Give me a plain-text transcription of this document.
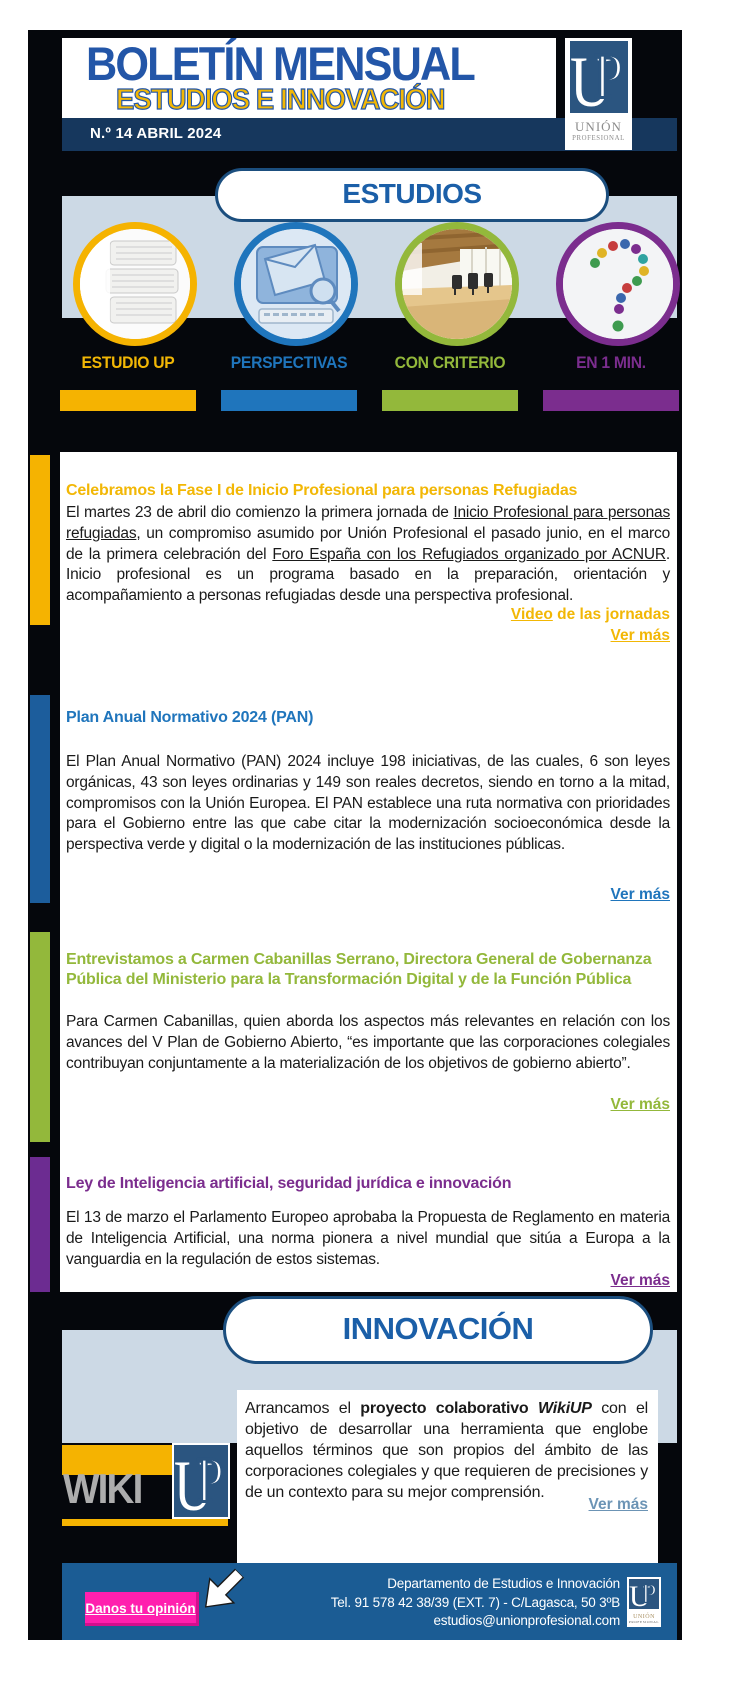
BOLETÍN MENSUAL
ESTUDIOS E INNOVACIÓN
N.º 14 ABRIL 2024	UNIÓN
PROFESIONAL
ESTUDIOS
ESTUDIO UP	PERSPECTIVAS	CON CRITERIO	EN 1 MIN.
Celebramos la Fase I de Inicio Profesional para personas Refugiadas
El martes 23 de abril dio comienzo la primera jornada de Inicio Profesional para personas refugiadas, un compromiso asumido por Unión Profesional el pasado junio, en el marco de la primera celebración del Foro España con los Refugiados organizado por ACNUR. Inicio profesional es un programa basado en la preparación, orientación y acompañamiento a personas refugiadas desde una perspectiva profesional.
Video de las jornadas
Ver más
Plan Anual Normativo 2024 (PAN)
El Plan Anual Normativo (PAN) 2024 incluye 198 iniciativas, de las cuales, 6 son leyes orgánicas, 43 son leyes ordinarias y 149 son reales decretos, siendo en torno a la mitad, compromisos con la Unión Europea. El PAN establece una ruta normativa con prioridades para el Gobierno entre las que cabe citar la modernización socioeconómica desde la perspectiva verde y digital o la modernización de las instituciones públicas.
Ver más
Entrevistamos a Carmen Cabanillas Serrano, Directora General de Gobernanza Pública del Ministerio para la Transformación Digital y de la Función Pública
Para Carmen Cabanillas, quien aborda los aspectos más relevantes en relación con los avances del V Plan de Gobierno Abierto, “es importante que las corporaciones colegiales contribuyan conjuntamente a la materialización de los objetivos de gobierno abierto”.
Ver más
Ley de Inteligencia artificial, seguridad jurídica e innovación
El 13 de marzo el Parlamento Europeo aprobaba la Propuesta de Reglamento en materia de Inteligencia Artificial, una norma pionera a nivel mundial que sitúa a Europa a la vanguardia en la regulación de estos sistemas.
Ver más
INNOVACIÓN
Arrancamos el proyecto colaborativo WikiUP con el objetivo de desarrollar una herramienta que englobe aquellos términos que son propios del ámbito de las corporaciones colegiales y que requieren de precisiones y de un contexto para su mejor comprensión.
Ver más
WIKI
Danos tu opinión
Departamento de Estudios e Innovación
Tel. 91 578 42 38/39 (EXT. 7) - C/Lagasca, 50 3ºB
estudios@unionprofesional.com	UNIÓN
PROFESIONAL
